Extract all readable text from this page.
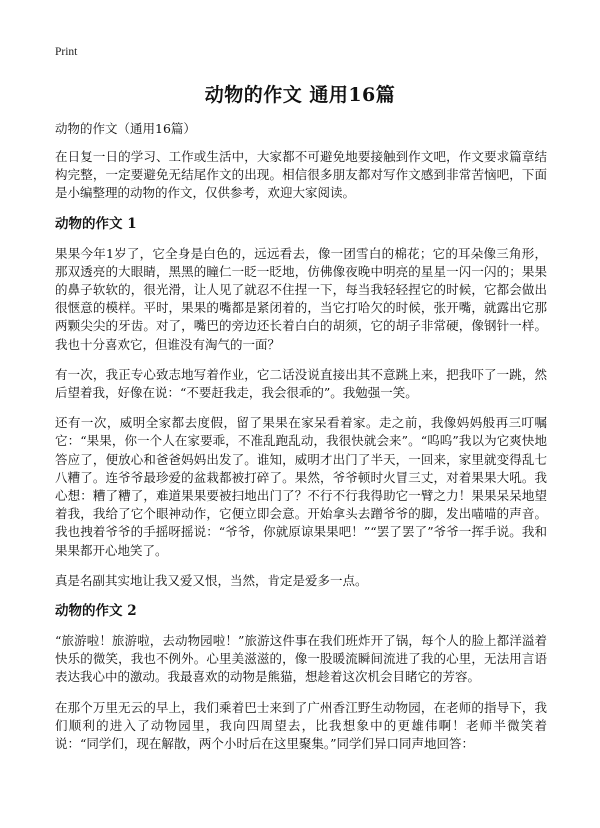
Print
动物的作文 通用16篇
动物的作文（通用16篇）

在日复一日的学习、工作或生活中，大家都不可避免地要接触到作文吧，作文要求篇章结构完整，一定要避免无结尾作文的出现。相信很多朋友都对写作文感到非常苦恼吧，下面是小编整理的动物的作文，仅供参考，欢迎大家阅读。

动物的作文 1

果果今年1岁了，它全身是白色的，远远看去，像一团雪白的棉花；它的耳朵像三角形，那双透亮的大眼睛，黑黑的瞳仁一眨一眨地，仿佛像夜晚中明亮的星星一闪一闪的；果果的鼻子软软的，很光滑，让人见了就忍不住捏一下，每当我轻轻捏它的时候，它都会做出很惬意的模样。平时，果果的嘴都是紧闭着的，当它打哈欠的时候，张开嘴，就露出它那两颗尖尖的牙齿。对了，嘴巴的旁边还长着白白的胡须，它的胡子非常硬，像钢针一样。我也十分喜欢它，但谁没有淘气的一面？

有一次，我正专心致志地写着作业，它二话没说直接出其不意跳上来，把我吓了一跳，然后望着我，好像在说：“不要赶我走，我会很乖的”。我勉强一笑。

还有一次，威明全家都去度假，留了果果在家呆看着家。走之前，我像妈妈般再三叮嘱它：“果果，你一个人在家要乖，不准乱跑乱动，我很快就会来”。“呜呜”我以为它爽快地答应了，便放心和爸爸妈妈出发了。谁知，威明才出门了半天，一回来，家里就变得乱七八糟了。连爷爷最珍爱的盆栽都被打碎了。果然，爷爷顿时火冒三丈，对着果果大吼。我心想：糟了糟了，难道果果要被扫地出门了？不行不行我得助它一臂之力！果果呆呆地望着我，我给了它个眼神动作，它便立即会意。开始拿头去蹭爷爷的脚，发出喵喵的声音。我也拽着爷爷的手摇呀摇说：“爷爷，你就原谅果果吧！”“罢了罢了”爷爷一挥手说。我和果果都开心地笑了。

真是名副其实地让我又爱又恨，当然，肯定是爱多一点。

动物的作文 2

“旅游啦！旅游啦，去动物园啦！”旅游这件事在我们班炸开了锅，每个人的脸上都洋溢着快乐的微笑，我也不例外。心里美滋滋的，像一股暖流瞬间流进了我的心里，无法用言语表达我心中的激动。我最喜欢的动物是熊猫，想趁着这次机会目睹它的芳容。

在那个万里无云的早上，我们乘着巴士来到了广州香江野生动物园，在老师的指导下，我们顺利的进入了动物园里，我向四周望去，比我想象中的更雄伟啊！老师半微笑着说：“同学们，现在解散，两个小时后在这里聚集。”同学们异口同声地回答：
